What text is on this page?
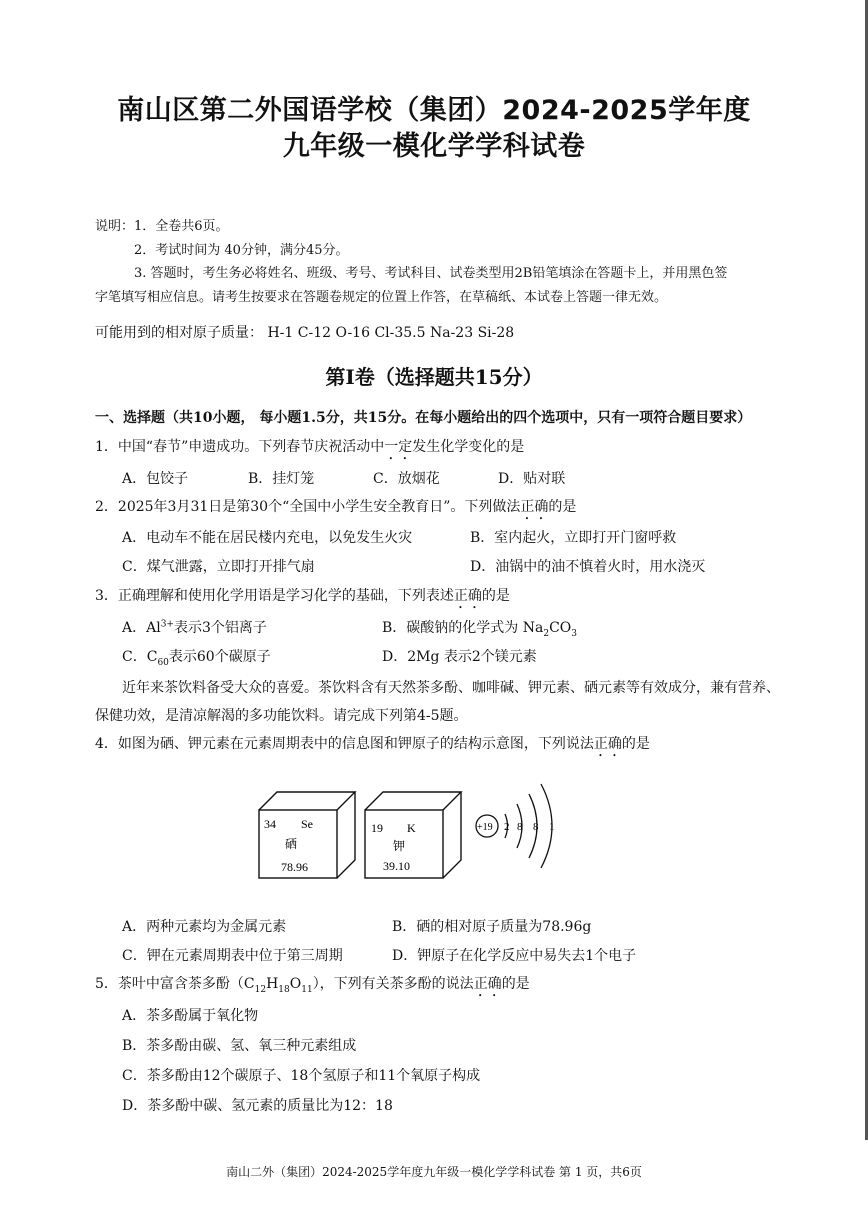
南山区第二外国语学校（集团）2024-2025学年度
九年级一模化学学科试卷
说明：1．全卷共6页。
2．考试时间为 40分钟，满分45分。
3. 答题时，考生务必将姓名、班级、考号、考试科目、试卷类型用2B铅笔填涂在答题卡上，并用黑色签
字笔填写相应信息。请考生按要求在答题卷规定的位置上作答，在草稿纸、本试卷上答题一律无效。
可能用到的相对原子质量： H-1 C-12 O-16 Cl-35.5 Na-23 Si-28
第Ⅰ卷（选择题共15分）
一、选择题（共10小题， 每小题1.5分，共15分。在每小题给出的四个选项中，只有一项符合题目要求）
1．中国“春节”申遗成功。下列春节庆祝活动中一定发生化学变化的是
A．包饺子	B．挂灯笼	C．放烟花	D．贴对联
2．2025年3月31日是第30个“全国中小学生安全教育日”。下列做法正确的是
A．电动车不能在居民楼内充电，以免发生火灾	B．室内起火，立即打开门窗呼救
C．煤气泄露，立即打开排气扇	D．油锅中的油不慎着火时，用水浇灭
3．正确理解和使用化学用语是学习化学的基础，下列表述正确的是
A．$Al^{3+}$表示3个铝离子	B．碳酸钠的化学式为 $Na_2CO_3$
C．$C_{60}$表示60个碳原子	D．2Mg 表示2个镁元素
近年来茶饮料备受大众的喜爱。茶饮料含有天然茶多酚、咖啡碱、钾元素、硒元素等有效成分，兼有营养、
保健功效，是清凉解渴的多功能饮料。请完成下列第4-5题。
4．如图为硒、钾元素在元素周期表中的信息图和钾原子的结构示意图，下列说法正确的是
34 Se
硒
78.96
19 K
钾
39.10
+19 2 8 8 1
A．两种元素均为金属元素	B．硒的相对原子质量为78.96g
C．钾在元素周期表中位于第三周期	D．钾原子在化学反应中易失去1个电子
5．茶叶中富含茶多酚$(C_{12}H_{18}O_{11})$，下列有关茶多酚的说法正确的是
A．茶多酚属于氧化物
B．茶多酚由碳、氢、氧三种元素组成
C．茶多酚由12个碳原子、18个氢原子和11个氧原子构成
D．茶多酚中碳、氢元素的质量比为12：18
南山二外（集团）2024-2025学年度九年级一模化学学科试卷 第 1 页，共6页
